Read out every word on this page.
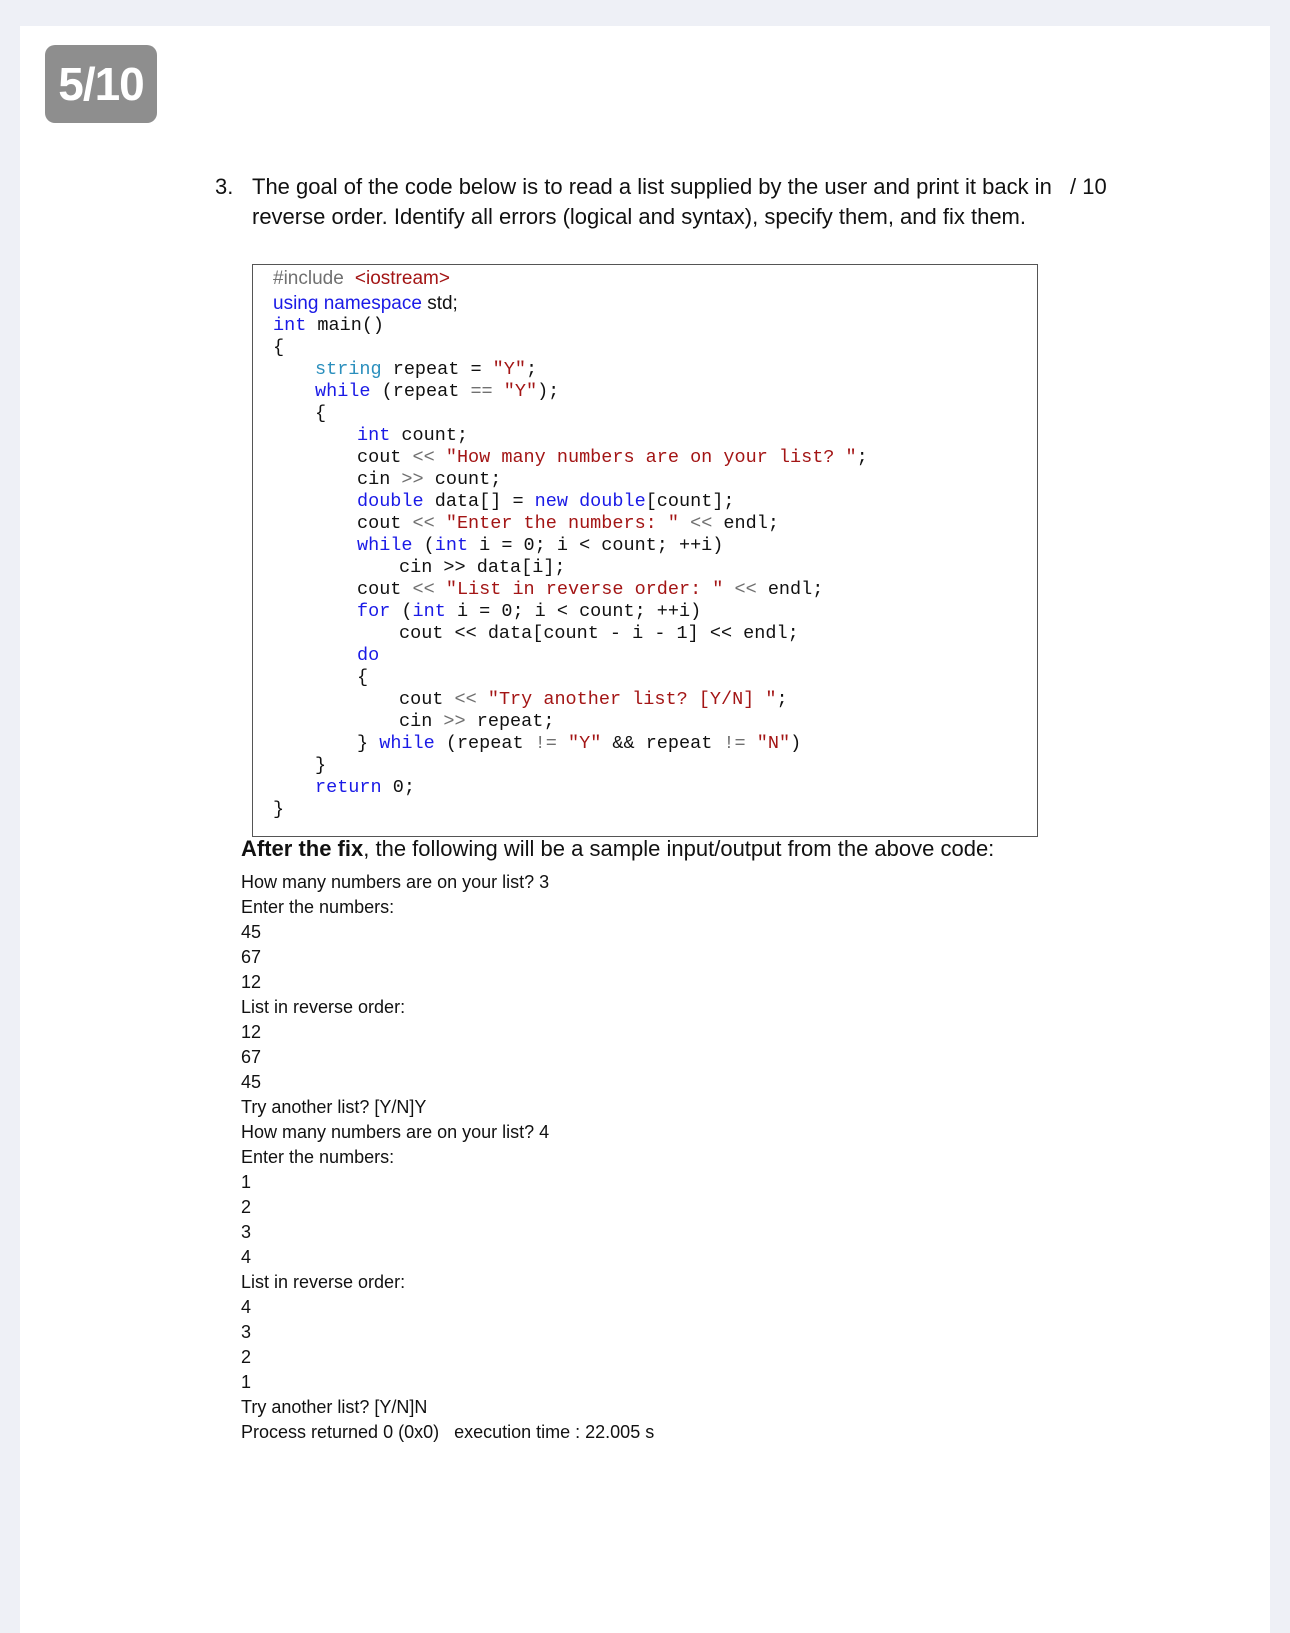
5/10
3. The goal of the code below is to read a list supplied by the user and print it back in reverse order. Identify all errors (logical and syntax), specify them, and fix them.
/ 10
#include <iostream>
using namespace std;
int main()
{
string repeat = "Y";
while (repeat == "Y");
{
int count;
cout << "How many numbers are on your list? ";
cin >> count;
double data[] = new double[count];
cout << "Enter the numbers: " << endl;
while (int i = 0; i < count; ++i)
cin >> data[i];
cout << "List in reverse order: " << endl;
for (int i = 0; i < count; ++i)
cout << data[count - i - 1] << endl;
do
{
cout << "Try another list? [Y/N] ";
cin >> repeat;
} while (repeat != "Y" && repeat != "N")
}
return 0;
}
After the fix, the following will be a sample input/output from the above code:
How many numbers are on your list? 3
Enter the numbers:
45
67
12
List in reverse order:
12
67
45
Try another list? [Y/N]Y
How many numbers are on your list? 4
Enter the numbers:
1
2
3
4
List in reverse order:
4
3
2
1
Try another list? [Y/N]N
Process returned 0 (0x0)   execution time : 22.005 s
